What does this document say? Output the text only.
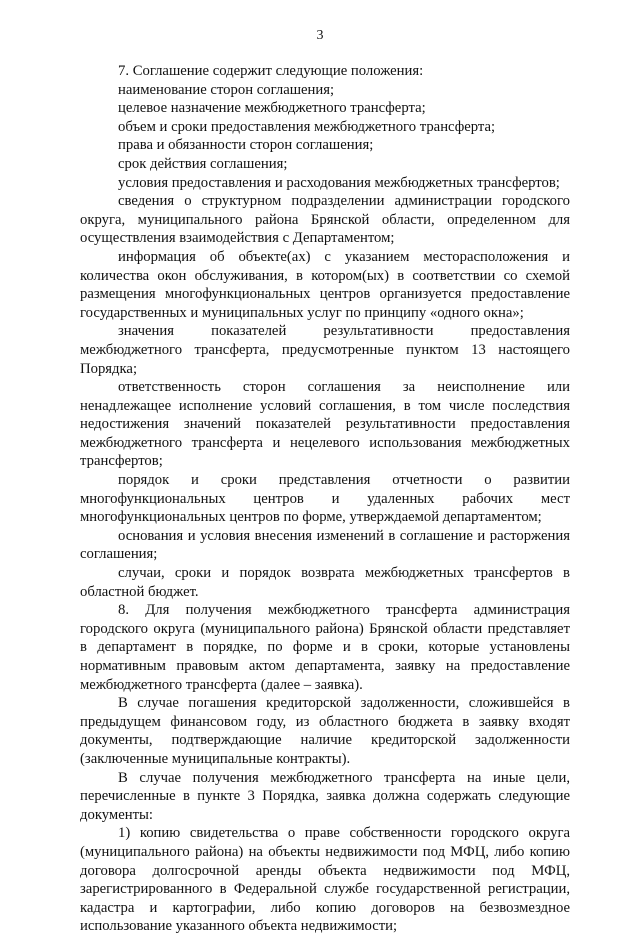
3

7. Соглашение содержит следующие положения:

наименование сторон соглашения;

целевое назначение межбюджетного трансферта;

объем и сроки предоставления межбюджетного трансферта;

права и обязанности сторон соглашения;

срок действия соглашения;

условия предоставления и расходования межбюджетных трансфертов;

сведения о структурном подразделении администрации городского округа, муниципального района Брянской области, определенном для осуществления взаимодействия с Департаментом;

информация об объекте(ах) с указанием месторасположения и количества окон обслуживания, в котором(ых) в соответствии со схемой размещения многофункциональных центров организуется предоставление государственных и муниципальных услуг по принципу «одного окна»;

значения показателей результативности предоставления межбюджетного трансферта, предусмотренные пунктом 13 настоящего Порядка;

ответственность сторон соглашения за неисполнение или ненадлежащее исполнение условий соглашения, в том числе последствия недостижения значений показателей результативности предоставления межбюджетного трансферта и нецелевого использования межбюджетных трансфертов;

порядок и сроки представления отчетности о развитии многофункциональных центров и удаленных рабочих мест многофункциональных центров по форме, утверждаемой департаментом;

основания и условия внесения изменений в соглашение и расторжения соглашения;

случаи, сроки и порядок возврата межбюджетных трансфертов в областной бюджет.

8. Для получения межбюджетного трансферта администрация городского округа (муниципального района) Брянской области представляет в департамент в порядке, по форме и в сроки, которые установлены нормативным правовым актом департамента, заявку на предоставление межбюджетного трансферта (далее – заявка).

В случае погашения кредиторской задолженности, сложившейся в предыдущем финансовом году, из областного бюджета в заявку входят документы, подтверждающие наличие кредиторской задолженности (заключенные муниципальные контракты).

В случае получения межбюджетного трансферта на иные цели, перечисленные в пункте 3 Порядка, заявка должна содержать следующие документы:

1) копию свидетельства о праве собственности городского округа (муниципального района) на объекты недвижимости под МФЦ, либо копию договора долгосрочной аренды объекта недвижимости под МФЦ, зарегистрированного в Федеральной службе государственной регистрации, кадастра и картографии, либо копию договоров на безвозмездное использование указанного объекта недвижимости;
